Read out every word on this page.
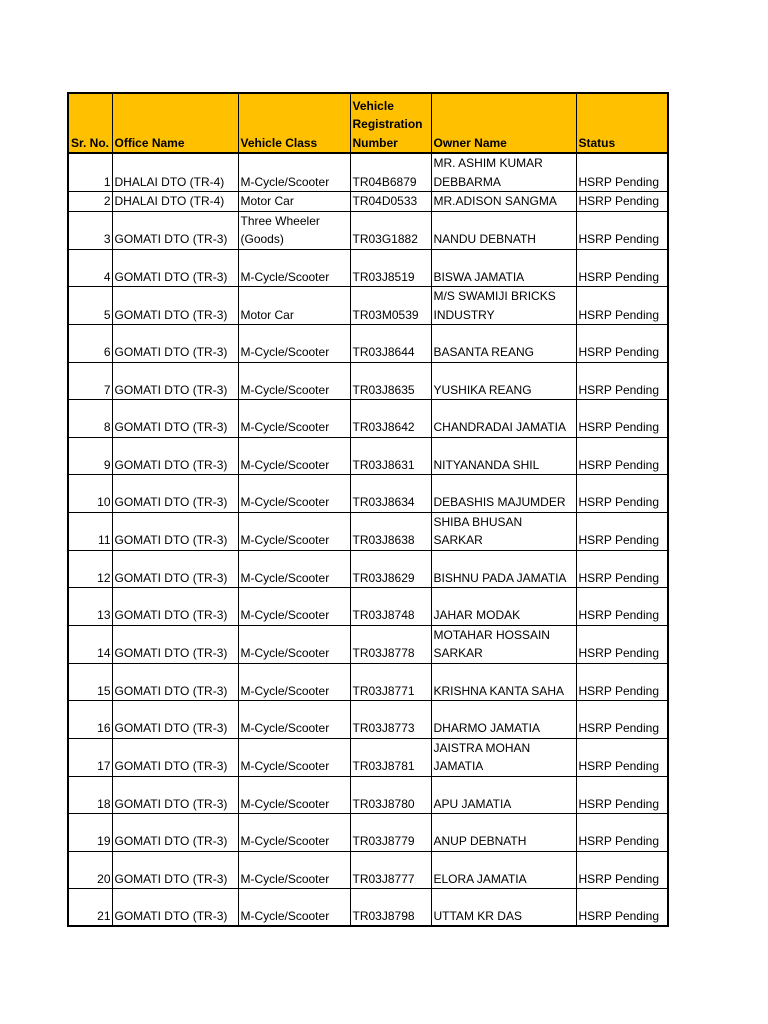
Sr. No.	Office Name	Vehicle Class	Vehicle Registration Number	Owner Name	Status
1	DHALAI DTO (TR-4)	M-Cycle/Scooter	TR04B6879	MR. ASHIM KUMAR DEBBARMA	HSRP Pending
2	DHALAI DTO (TR-4)	Motor Car	TR04D0533	MR.ADISON SANGMA	HSRP Pending
3	GOMATI DTO (TR-3)	Three Wheeler (Goods)	TR03G1882	NANDU DEBNATH	HSRP Pending
4	GOMATI DTO (TR-3)	M-Cycle/Scooter	TR03J8519	BISWA JAMATIA	HSRP Pending
5	GOMATI DTO (TR-3)	Motor Car	TR03M0539	M/S SWAMIJI BRICKS INDUSTRY	HSRP Pending
6	GOMATI DTO (TR-3)	M-Cycle/Scooter	TR03J8644	BASANTA REANG	HSRP Pending
7	GOMATI DTO (TR-3)	M-Cycle/Scooter	TR03J8635	YUSHIKA REANG	HSRP Pending
8	GOMATI DTO (TR-3)	M-Cycle/Scooter	TR03J8642	CHANDRADAI JAMATIA	HSRP Pending
9	GOMATI DTO (TR-3)	M-Cycle/Scooter	TR03J8631	NITYANANDA SHIL	HSRP Pending
10	GOMATI DTO (TR-3)	M-Cycle/Scooter	TR03J8634	DEBASHIS MAJUMDER	HSRP Pending
11	GOMATI DTO (TR-3)	M-Cycle/Scooter	TR03J8638	SHIBA BHUSAN SARKAR	HSRP Pending
12	GOMATI DTO (TR-3)	M-Cycle/Scooter	TR03J8629	BISHNU PADA JAMATIA	HSRP Pending
13	GOMATI DTO (TR-3)	M-Cycle/Scooter	TR03J8748	JAHAR MODAK	HSRP Pending
14	GOMATI DTO (TR-3)	M-Cycle/Scooter	TR03J8778	MOTAHAR HOSSAIN SARKAR	HSRP Pending
15	GOMATI DTO (TR-3)	M-Cycle/Scooter	TR03J8771	KRISHNA KANTA SAHA	HSRP Pending
16	GOMATI DTO (TR-3)	M-Cycle/Scooter	TR03J8773	DHARMO JAMATIA	HSRP Pending
17	GOMATI DTO (TR-3)	M-Cycle/Scooter	TR03J8781	JAISTRA MOHAN JAMATIA	HSRP Pending
18	GOMATI DTO (TR-3)	M-Cycle/Scooter	TR03J8780	APU JAMATIA	HSRP Pending
19	GOMATI DTO (TR-3)	M-Cycle/Scooter	TR03J8779	ANUP DEBNATH	HSRP Pending
20	GOMATI DTO (TR-3)	M-Cycle/Scooter	TR03J8777	ELORA JAMATIA	HSRP Pending
21	GOMATI DTO (TR-3)	M-Cycle/Scooter	TR03J8798	UTTAM KR DAS	HSRP Pending
